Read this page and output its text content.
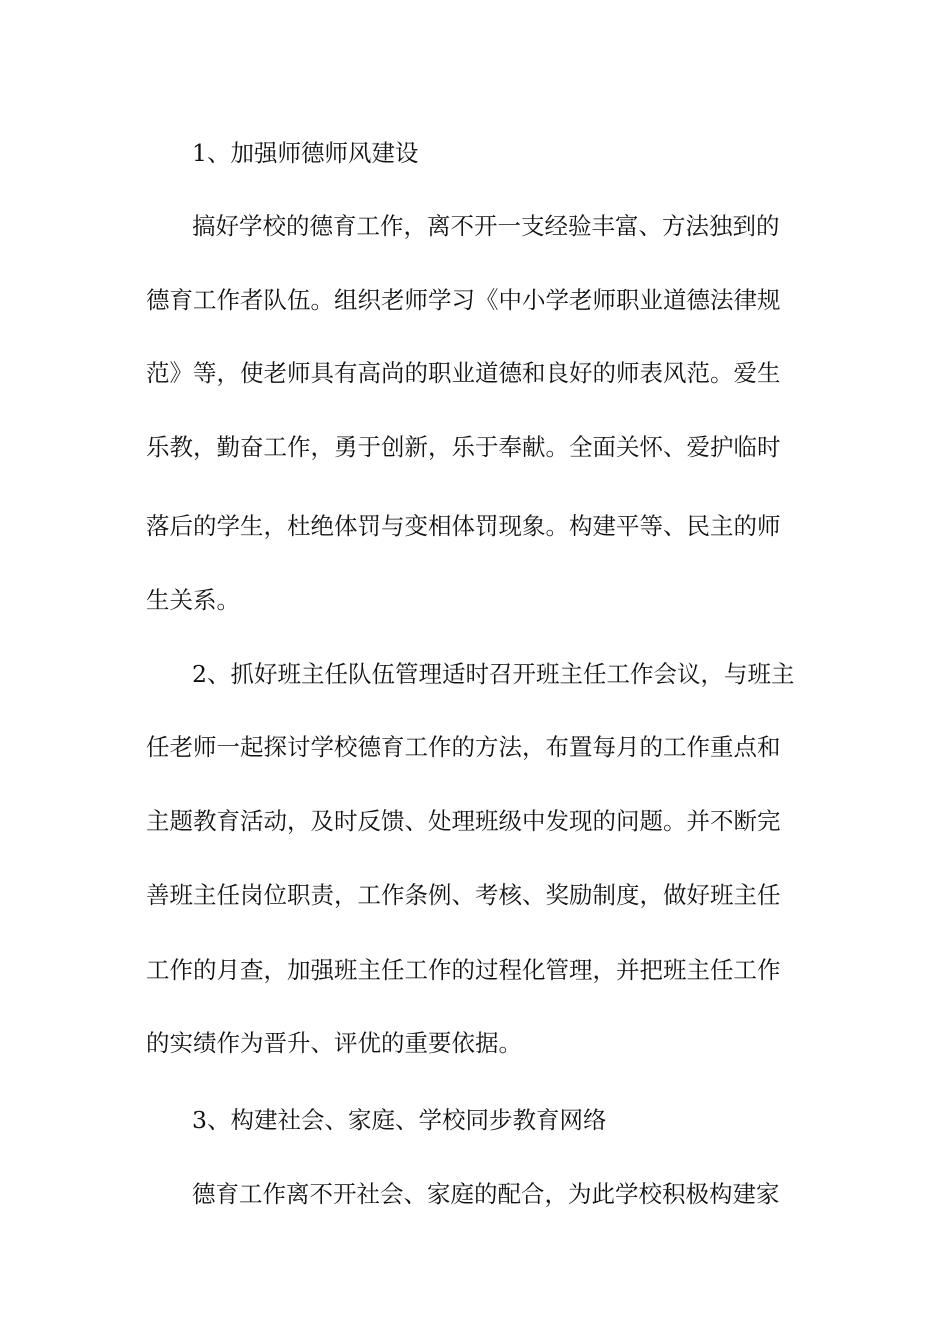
1、加强师德师风建设
搞好学校的德育工作，离不开一支经验丰富、方法独到的
德育工作者队伍。组织老师学习《中小学老师职业道德法律规
范》等，使老师具有高尚的职业道德和良好的师表风范。爱生
乐教，勤奋工作，勇于创新，乐于奉献。全面关怀、爱护临时
落后的学生，杜绝体罚与变相体罚现象。构建平等、民主的师
生关系。
2、抓好班主任队伍管理适时召开班主任工作会议，与班主
任老师一起探讨学校德育工作的方法，布置每月的工作重点和
主题教育活动，及时反馈、处理班级中发现的问题。并不断完
善班主任岗位职责，工作条例、考核、奖励制度，做好班主任
工作的月查，加强班主任工作的过程化管理，并把班主任工作
的实绩作为晋升、评优的重要依据。
3、构建社会、家庭、学校同步教育网络
德育工作离不开社会、家庭的配合，为此学校积极构建家
